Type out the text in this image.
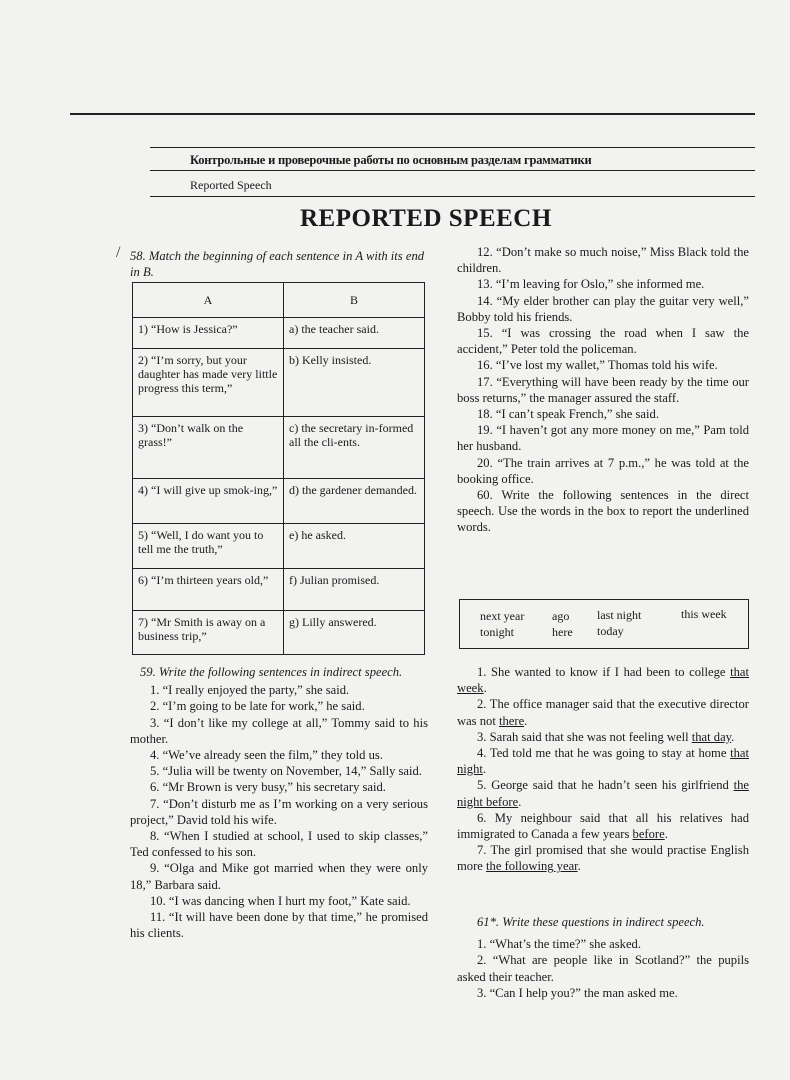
Контрольные и проверочные работы по основным разделам грамматики
Reported Speech
REPORTED SPEECH
58. Match the beginning of each sentence in A with its end in B.
/
A	B
1) “How is Jessica?”	a) the teacher said.
2) “I’m sorry, but your daughter has made very little progress this term,”	b) Kelly insisted.
3) “Don’t walk on the grass!”	c) the secretary in-formed all the cli-ents.
4) “I will give up smok-ing,”	d) the gardener demanded.
5) “Well, I do want you to tell me the truth,”	e) he asked.
6) “I’m thirteen years old,”	f) Julian promised.
7) “Mr Smith is away on a business trip,”	g) Lilly answered.
59. Write the following sentences in indirect speech.
1. “I really enjoyed the party,” she said.
2. “I’m going to be late for work,” he said.
3. “I don’t like my college at all,” Tommy said to his mother.
4. “We’ve already seen the film,” they told us.
5. “Julia will be twenty on November, 14,” Sally said.
6. “Mr Brown is very busy,” his secretary said.
7. “Don’t disturb me as I’m working on a very serious project,” David told his wife.
8. “When I studied at school, I used to skip classes,” Ted confessed to his son.
9. “Olga and Mike got married when they were only 18,” Barbara said.
10. “I was dancing when I hurt my foot,” Kate said.
11. “It will have been done by that time,” he promised his clients.
12. “Don’t make so much noise,” Miss Black told the children.
13. “I’m leaving for Oslo,” she informed me.
14. “My elder brother can play the guitar very well,” Bobby told his friends.
15. “I was crossing the road when I saw the accident,” Peter told the policeman.
16. “I’ve lost my wallet,” Thomas told his wife.
17. “Everything will have been ready by the time our boss returns,” the manager assured the staff.
18. “I can’t speak French,” she said.
19. “I haven’t got any more money on me,” Pam told her husband.
20. “The train arrives at 7 p.m.,” he was told at the booking office.
60. Write the following sentences in the direct speech. Use the words in the box to report the underlined words.
next year ago last night	this week
tonight	here today
1. She wanted to know if I had been to college that week.
2. The office manager said that the executive director was not there.
3. Sarah said that she was not feeling well that day.
4. Ted told me that he was going to stay at home that night.
5. George said that he hadn’t seen his girlfriend the night before.
6. My neighbour said that all his relatives had immigrated to Canada a few years before.
7. The girl promised that she would practise English more the following year.
61*. Write these questions in indirect speech.
1. “What’s the time?” she asked.
2. “What are people like in Scotland?” the pupils asked their teacher.
3. “Can I help you?” the man asked me.
